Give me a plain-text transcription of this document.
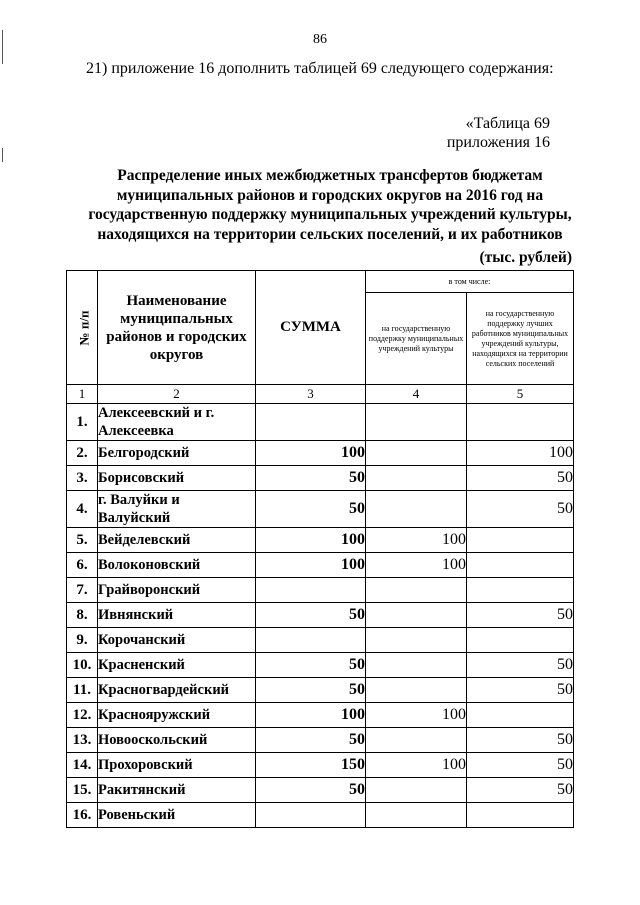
86
21) приложение 16 дополнить таблицей 69 следующего содержания:
«Таблица 69
приложения 16
Распределение иных межбюджетных трансфертов бюджетам муниципальных районов и городских округов на 2016 год на государственную поддержку муниципальных учреждений культуры, находящихся на территории сельских поселений, и их работников
(тыс. рублей)
№ п/п	Наименование муниципальных районов и городских округов	СУММА	в том числе:	
			на государственную поддержку муниципальных учреждений культуры	на государственную поддержку лучших работников муниципальных учреждений культуры, находящихся на территории сельских поселений
1	2	3	4	5
1.	Алексеевский и г. Алексеевка			
2.	Белгородский	100		100
3.	Борисовский	50		50
4.	г. Валуйки и Валуйский	50		50
5.	Вейделевский	100	100	
6.	Волоконовский	100	100	
7.	Грайворонский			
8.	Ивнянский	50		50
9.	Корочанский			
10.	Красненский	50		50
11.	Красногвардейский	50		50
12.	Краснояружский	100	100	
13.	Новооскольский	50		50
14.	Прохоровский	150	100	50
15.	Ракитянский	50		50
16.	Ровеньский			
